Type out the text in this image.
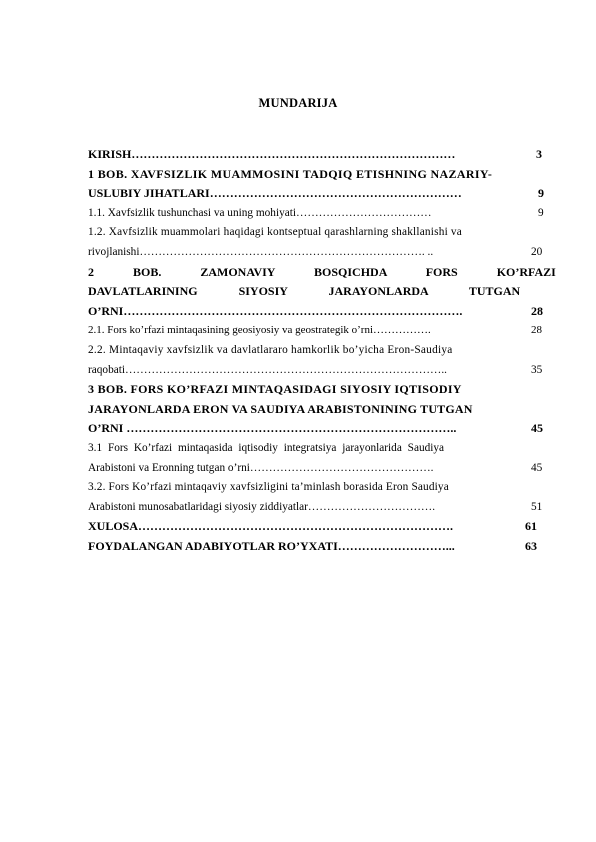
MUNDARIJA
KIRISH………………………………………………………………………	3
1 BOB. XAVFSIZLIK MUAMMOSINI TADQIQ ETISHNING NAZARIY-
USLUBIY JIHATLARI………………………………………………………	9
1.1. Xavfsizlik tushunchasi va uning mohiyati………………………………	9
1.2. Xavfsizlik muammolari haqidagi kontseptual qarashlarning shakllanishi va
rivojlanishi…………………………………………………………………. ..	20
2 BOB. ZAMONAVIY BOSQICHDA FORS KO’RFAZI
DAVLATLARINING SIYOSIY JARAYONLARDA TUTGAN
O’RNI………………………………………………………………………….	28
2.1. Fors ko’rfazi mintaqasining geosiyosiy va geostrategik o’rni…………….	28
2.2. Mintaqaviy xavfsizlik va davlatlararo hamkorlik bo’yicha Eron-Saudiya
raqobati…………………………………………………………………………..	35
3 BOB. FORS KO’RFAZI MINTAQASIDAGI SIYOSIY IQTISODIY
JARAYONLARDA ERON VA SAUDIYA ARABISTONINING TUTGAN
O’RNI ………………………………………………………………………..	45
3.1 Fors Ko’rfazi mintaqasida iqtisodiy integratsiya jarayonlarida Saudiya
Arabistoni va Eronning tutgan o’rni………………………………………….	45
3.2. Fors Ko’rfazi mintaqaviy xavfsizligini ta’minlash borasida Eron Saudiya
Arabistoni munosabatlaridagi siyosiy ziddiyatlar…………………………….	51
XULOSA…………………………………………………………………….	61
FOYDALANGAN ADABIYOTLAR RO’YXATI………………………...	63
